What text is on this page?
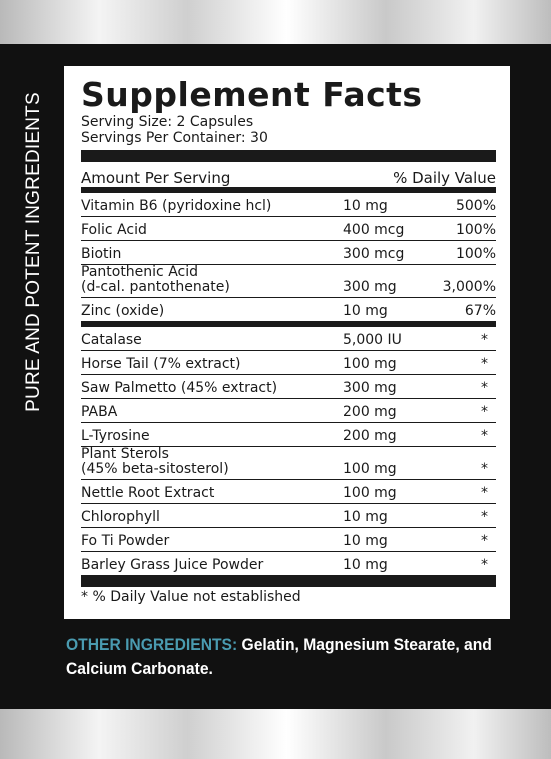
PURE AND POTENT INGREDIENTS Supplement Facts
Serving Size: 2 Capsules
Servings Per Container: 30
Amount Per Serving	% Daily Value
Vitamin B6 (pyridoxine hcl)	10 mg	500%
Folic Acid	400 mcg	100%
Biotin	300 mcg	100%
Pantothenic Acid
(d-cal. pantothenate)	300 mg	3,000%
Zinc (oxide)	10 mg	67%
Catalase	5,000 IU	*
Horse Tail (7% extract)	100 mg	*
Saw Palmetto (45% extract)	300 mg	*
PABA	200 mg	*
L-Tyrosine	200 mg	*
Plant Sterols
(45% beta-sitosterol)	100 mg	*
Nettle Root Extract	100 mg	*
Chlorophyll	10 mg	*
Fo Ti Powder	10 mg	*
Barley Grass Juice Powder	10 mg	*
* % Daily Value not established
OTHER INGREDIENTS: Gelatin, Magnesium Stearate, and Calcium Carbonate.
